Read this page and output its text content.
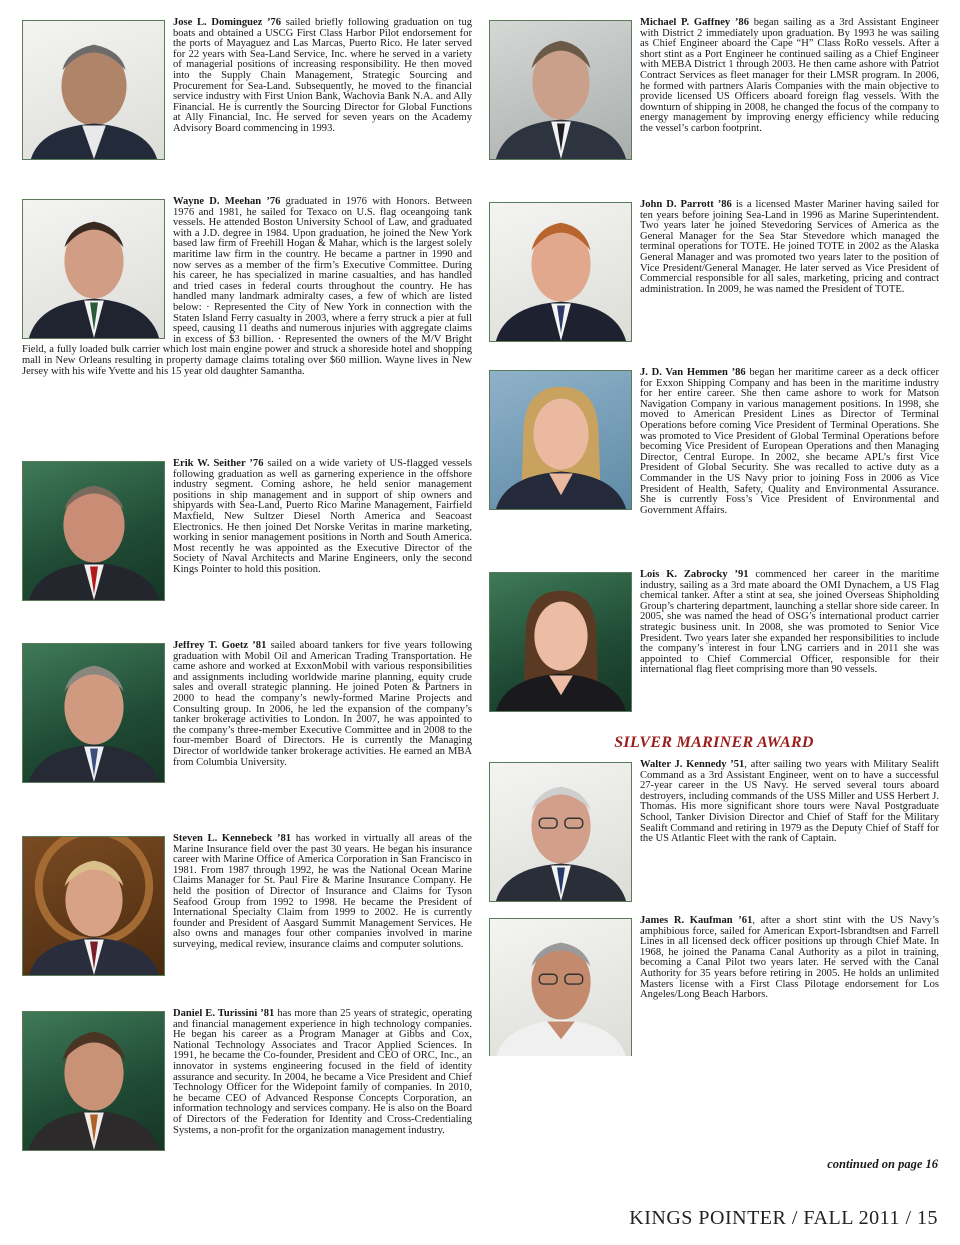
Jose L. Dominguez ’76 sailed briefly following graduation on tug boats and obtained a USCG First Class Harbor Pilot endorsement for the ports of Mayaguez and Las Marcas, Puerto Rico. He later served for 22 years with Sea-Land Service, Inc. where he served in a variety of managerial positions of increasing responsibility. He then moved into the Supply Chain Management, Strategic Sourcing and Procurement for Sea-Land. Subsequently, he moved to the financial service industry with First Union Bank, Wachovia Bank N.A. and Ally Financial. He is currently the Sourcing Director for Global Functions at Ally Financial, Inc. He served for seven years on the Academy Advisory Board commencing in 1993.

Wayne D. Meehan ’76 graduated in 1976 with Honors. Between 1976 and 1981, he sailed for Texaco on U.S. flag oceangoing tank vessels. He attended Boston University School of Law, and graduated with a J.D. degree in 1984. Upon graduation, he joined the New York based law firm of Freehill Hogan & Mahar, which is the largest solely maritime law firm in the country. He became a partner in 1990 and now serves as a member of the firm’s Executive Committee. During his career, he has specialized in marine casualties, and has handled and tried cases in federal courts throughout the country. He has handled many landmark admiralty cases, a few of which are listed below: · Represented the City of New York in connection with the Staten Island Ferry casualty in 2003, where a ferry struck a pier at full speed, causing 11 deaths and numerous injuries with aggregate claims in excess of $3 billion. · Represented the owners of the M/V Bright Field, a fully loaded bulk carrier which lost main engine power and struck a shoreside hotel and shopping mall in New Orleans resulting in property damage claims totaling over $60 million. Wayne lives in New Jersey with his wife Yvette and his 15 year old daughter Samantha.

Erik W. Seither ’76 sailed on a wide variety of US-flagged vessels following graduation as well as garnering experience in the offshore industry segment. Coming ashore, he held senior management positions in ship management and in support of ship owners and shipyards with Sea-Land, Puerto Rico Marine Management, Fairfield Maxfield, New Sultzer Diesel North America and Seacoast Electronics. He then joined Det Norske Veritas in marine marketing, working in senior management positions in North and South America. Most recently he was appointed as the Executive Director of the Society of Naval Architects and Marine Engineers, only the second Kings Pointer to hold this position.

Jeffrey T. Goetz ’81 sailed aboard tankers for five years following graduation with Mobil Oil and American Trading Transportation. He came ashore and worked at ExxonMobil with various responsibilities and assignments including worldwide marine planning, equity crude sales and overall strategic planning. He joined Poten & Partners in 2000 to head the company’s newly-formed Marine Projects and Consulting group. In 2006, he led the expansion of the company’s tanker brokerage activities to London. In 2007, he was appointed to the company’s three-member Executive Committee and in 2008 to the four-member Board of Directors. He is currently the Managing Director of worldwide tanker brokerage activities. He earned an MBA from Columbia University.

Steven L. Kennebeck ’81 has worked in virtually all areas of the Marine Insurance field over the past 30 years. He began his insurance career with Marine Office of America Corporation in San Francisco in 1981. From 1987 through 1992, he was the National Ocean Marine Claims Manager for St. Paul Fire & Marine Insurance Company. He held the position of Director of Insurance and Claims for Tyson Seafood Group from 1992 to 1998. He became the President of International Specialty Claim from 1999 to 2002. He is currently founder and President of Aasgard Summit Management Services. He also owns and manages four other companies involved in marine surveying, medical review, insurance claims and computer solutions.

Daniel E. Turissini ’81 has more than 25 years of strategic, operating and financial management experience in high technology companies. He began his career as a Program Manager at Gibbs and Cox, National Technology Associates and Tracor Applied Sciences. In 1991, he became the Co-founder, President and CEO of ORC, Inc., an innovator in systems engineering focused in the field of identity assurance and security. In 2004, he became a Vice President and Chief Technology Officer for the Widepoint family of companies. In 2010, he became CEO of Advanced Response Concepts Corporation, an information technology and services company. He is also on the Board of Directors of the Federation for Identity and Cross-Credentialing Systems, a non-profit for the organization management industry.

Michael P. Gaffney ’86 began sailing as a 3rd Assistant Engineer with District 2 immediately upon graduation. By 1993 he was sailing as Chief Engineer aboard the Cape “H” Class RoRo vessels. After a short stint as a Port Engineer he continued sailing as a Chief Engineer with MEBA District 1 through 2003. He then came ashore with Patriot Contract Services as fleet manager for their LMSR program. In 2006, he formed with partners Alaris Companies with the main objective to provide licensed US Officers aboard foreign flag vessels. With the downturn of shipping in 2008, he changed the focus of the company to energy management by improving energy efficiency while reducing the vessel’s carbon footprint.

John D. Parrott ’86 is a licensed Master Mariner having sailed for ten years before joining Sea-Land in 1996 as Marine Superintendent. Two years later he joined Stevedoring Services of America as the General Manager for the Sea Star Stevedore which managed the terminal operations for TOTE. He joined TOTE in 2002 as the Alaska General Manager and was promoted two years later to the position of Vice President/General Manager. He later served as Vice President of Commercial responsible for all sales, marketing, pricing and contract administration. In 2009, he was named the President of TOTE.

J. D. Van Hemmen ’86 began her maritime career as a deck officer for Exxon Shipping Company and has been in the maritime industry for her entire career. She then came ashore to work for Matson Navigation Company in various management positions. In 1998, she moved to American President Lines as Director of Terminal Operations before coming Vice President of Terminal Operations. She was promoted to Vice President of Global Terminal Operations before becoming Vice President of European Operations and then Managing Director, Central Europe. In 2002, she became APL’s first Vice President of Global Security. She was recalled to active duty as a Commander in the US Navy prior to joining Foss in 2006 as Vice President of Health, Safety, Quality and Environmental Assurance. She is currently Foss’s Vice President of Environmental and Government Affairs.

Lois K. Zabrocky ’91 commenced her career in the maritime industry, sailing as a 3rd mate aboard the OMI Dynachem, a US Flag chemical tanker. After a stint at sea, she joined Overseas Shipholding Group’s chartering department, launching a stellar shore side career. In 2005, she was named the head of OSG’s international product carrier strategic business unit. In 2008, she was promoted to Senior Vice President. Two years later she expanded her responsibilities to include the company’s interest in four LNG carriers and in 2011 she was appointed to Chief Commercial Officer, responsible for their international flag fleet comprising more than 90 vessels.

SILVER MARINER AWARD

Walter J. Kennedy ’51, after sailing two years with Military Sealift Command as a 3rd Assistant Engineer, went on to have a successful 27-year career in the US Navy. He served several tours aboard destroyers, including commands of the USS Miller and USS Herbert J. Thomas. His more significant shore tours were Naval Postgraduate School, Tanker Division Director and Chief of Staff for the Military Sealift Command and retiring in 1979 as the Deputy Chief of Staff for the US Atlantic Fleet with the rank of Captain.

James R. Kaufman ’61, after a short stint with the US Navy’s amphibious force, sailed for American Export-Isbrandtsen and Farrell Lines in all licensed deck officer positions up through Chief Mate. In 1968, he joined the Panama Canal Authority as a pilot in training, becoming a Canal Pilot two years later. He served with the Canal Authority for 35 years before retiring in 2005. He holds an unlimited Masters license with a First Class Pilotage endorsement for Los Angeles/Long Beach Harbors.

continued on page 16
KINGS POINTER / FALL 2011 / 15
